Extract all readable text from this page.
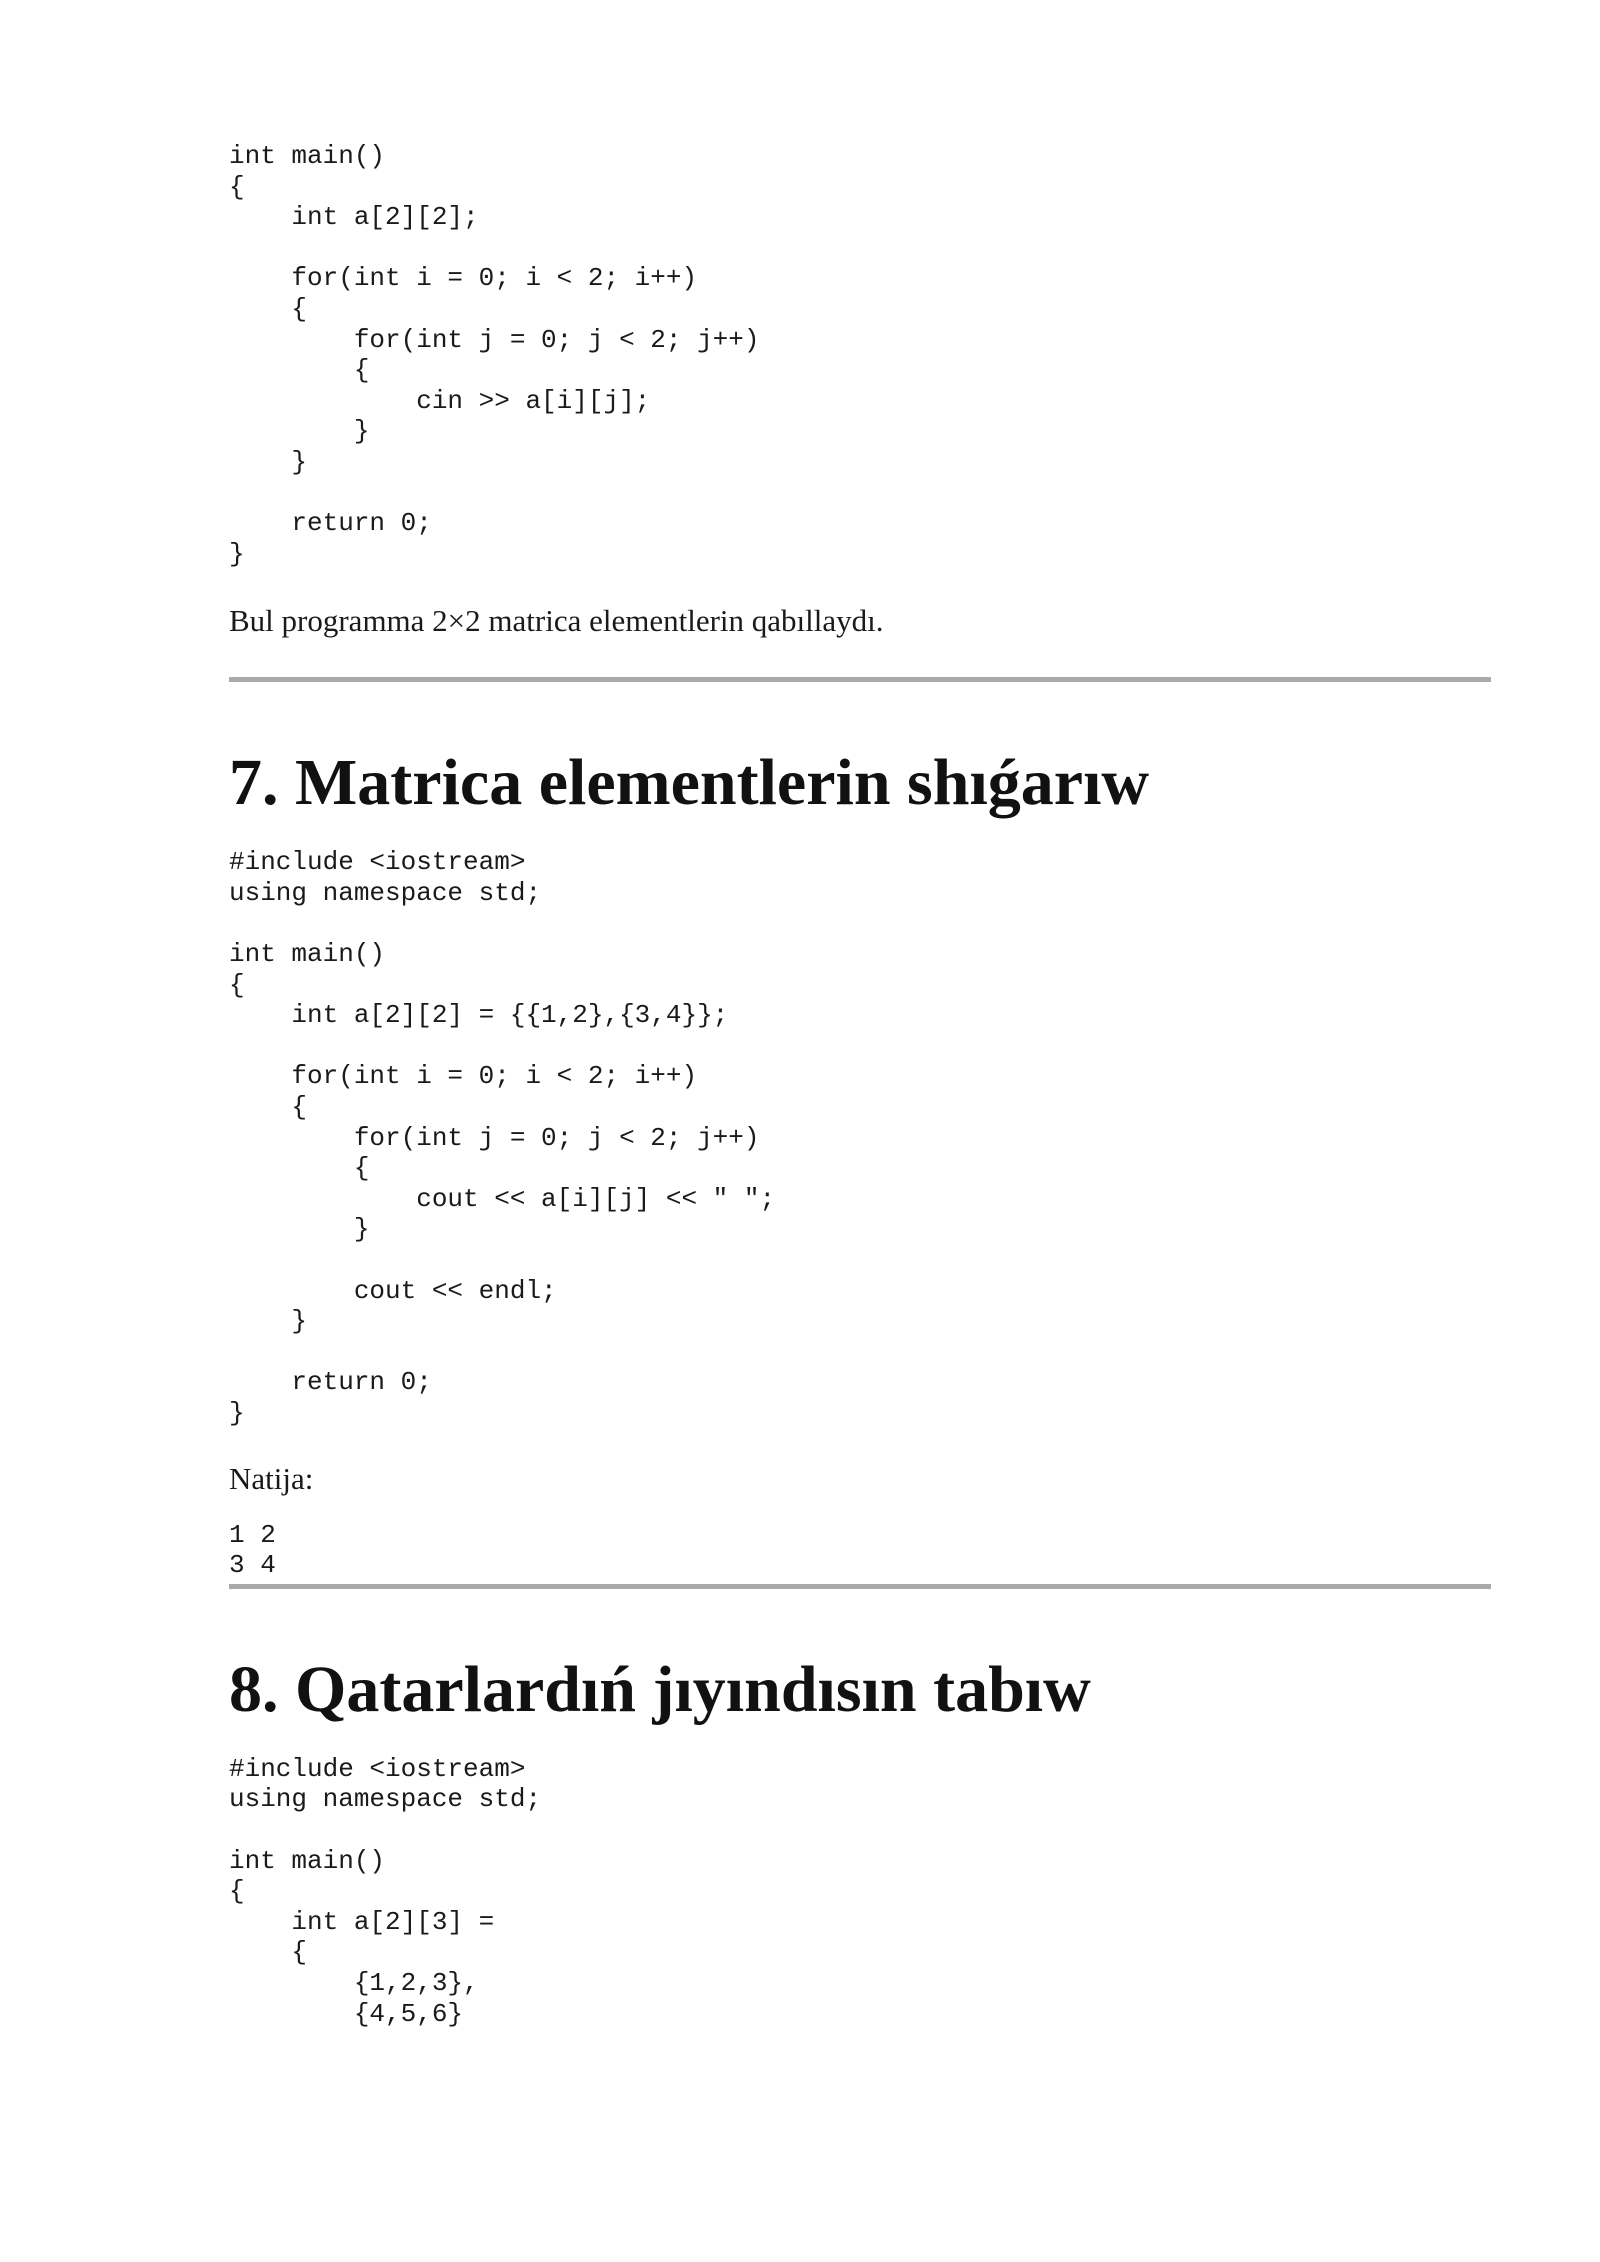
int main()
{
int a[2][2];

for(int i = 0; i < 2; i++)
{
for(int j = 0; j < 2; j++)
{
cin >> a[i][j];
}
}

return 0;
}

Bul programma 2×2 matrica elementlerin qabıllaydı.

7. Matrica elementlerin shıǵarıw
#include <iostream>
using namespace std;

int main()
{
int a[2][2] = {{1,2},{3,4}};

for(int i = 0; i < 2; i++)
{
for(int j = 0; j < 2; j++)
{
cout << a[i][j] << " ";
}

cout << endl;
}

return 0;
}

Natija:

1 2
3 4
8. Qatarlardıń jıyındısın tabıw
#include <iostream>
using namespace std;

int main()
{
int a[2][3] =
{
{1,2,3},
{4,5,6}
